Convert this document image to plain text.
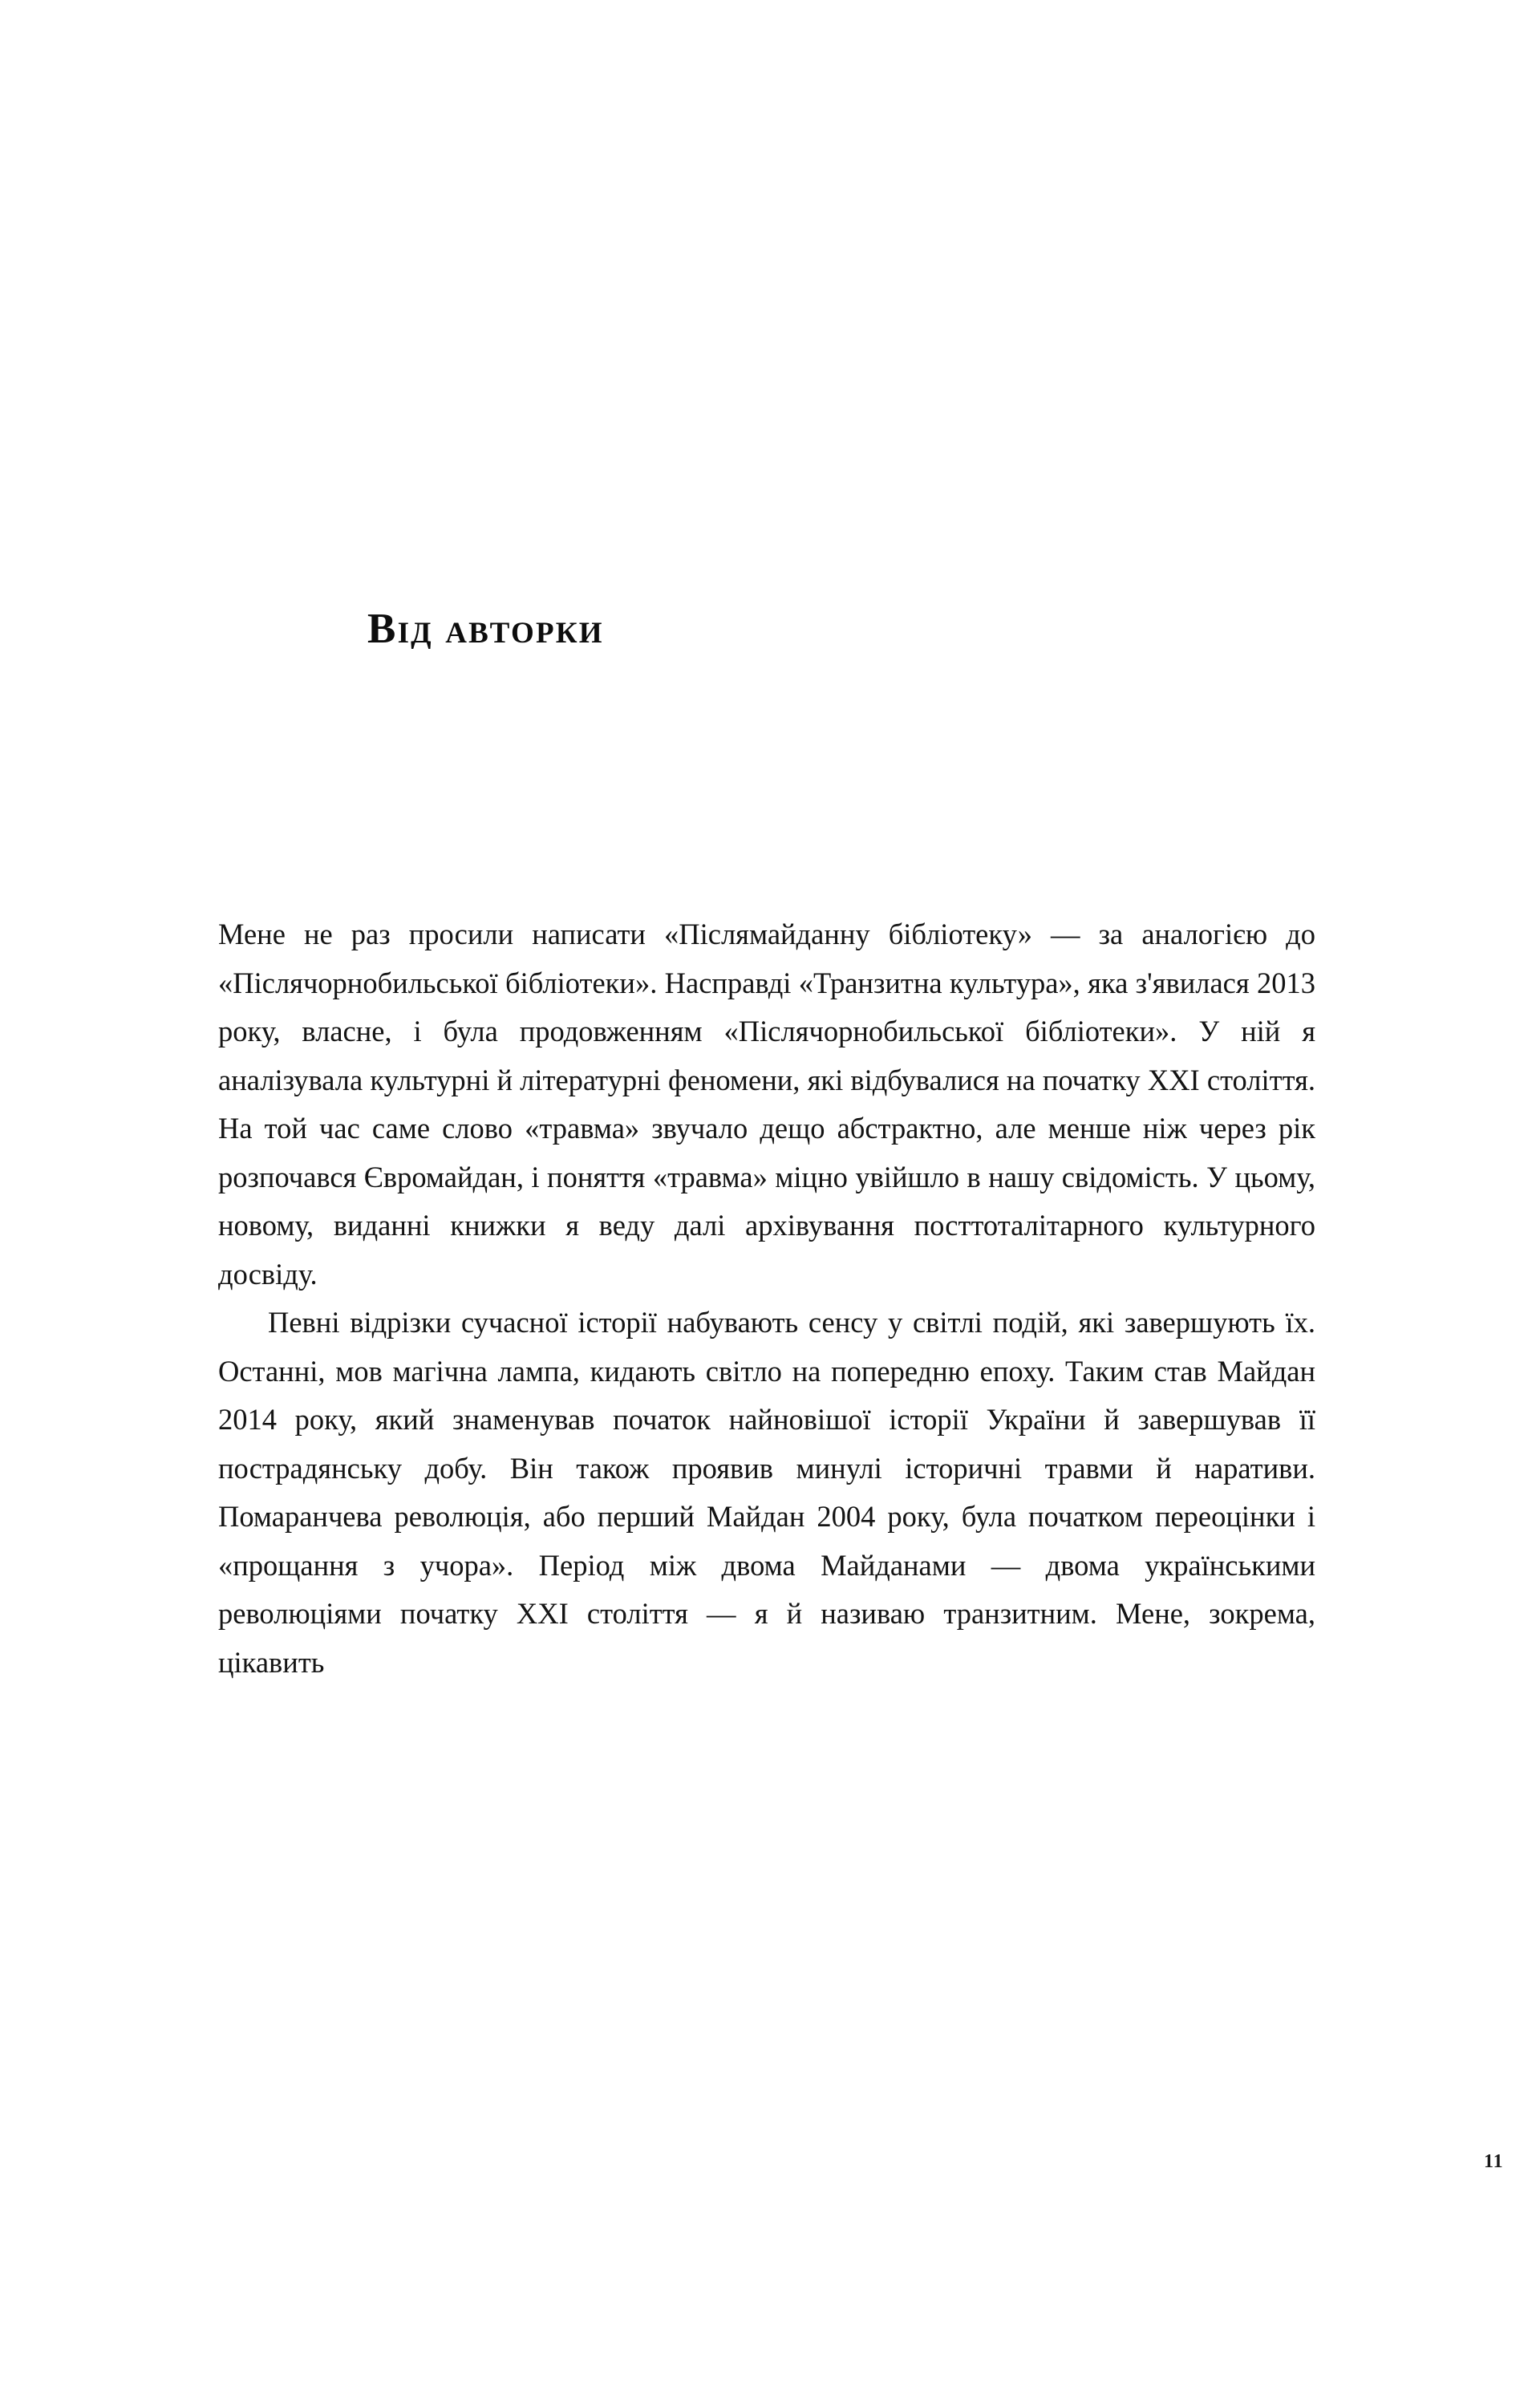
Від авторки

Мене не раз просили написати «Післямайданну бібліотеку» — за аналогією до «Післячорнобильської бібліотеки». Насправді «Транзитна культура», яка з'явилася 2013 року, власне, і була продовженням «Післячорнобильської бібліотеки». У ній я аналізувала культурні й літературні феномени, які відбувалися на початку XXI століття. На той час саме слово «травма» звучало дещо абстрактно, але менше ніж через рік розпочався Євромайдан, і поняття «травма» міцно увійшло в нашу свідомість. У цьому, новому, виданні книжки я веду далі архівування посттоталітарного культурного досвіду.

Певні відрізки сучасної історії набувають сенсу у світлі подій, які завершують їх. Останні, мов магічна лампа, кидають світло на попередню епоху. Таким став Майдан 2014 року, який знаменував початок найновішої історії України й завершував її пострадянську добу. Він також проявив минулі історичні травми й наративи. Помаранчева революція, або перший Майдан 2004 року, була початком переоцінки і «прощання з учора». Період між двома Майданами — двома українськими революціями початку XXI століття — я й називаю транзитним. Мене, зокрема, цікавить

11
